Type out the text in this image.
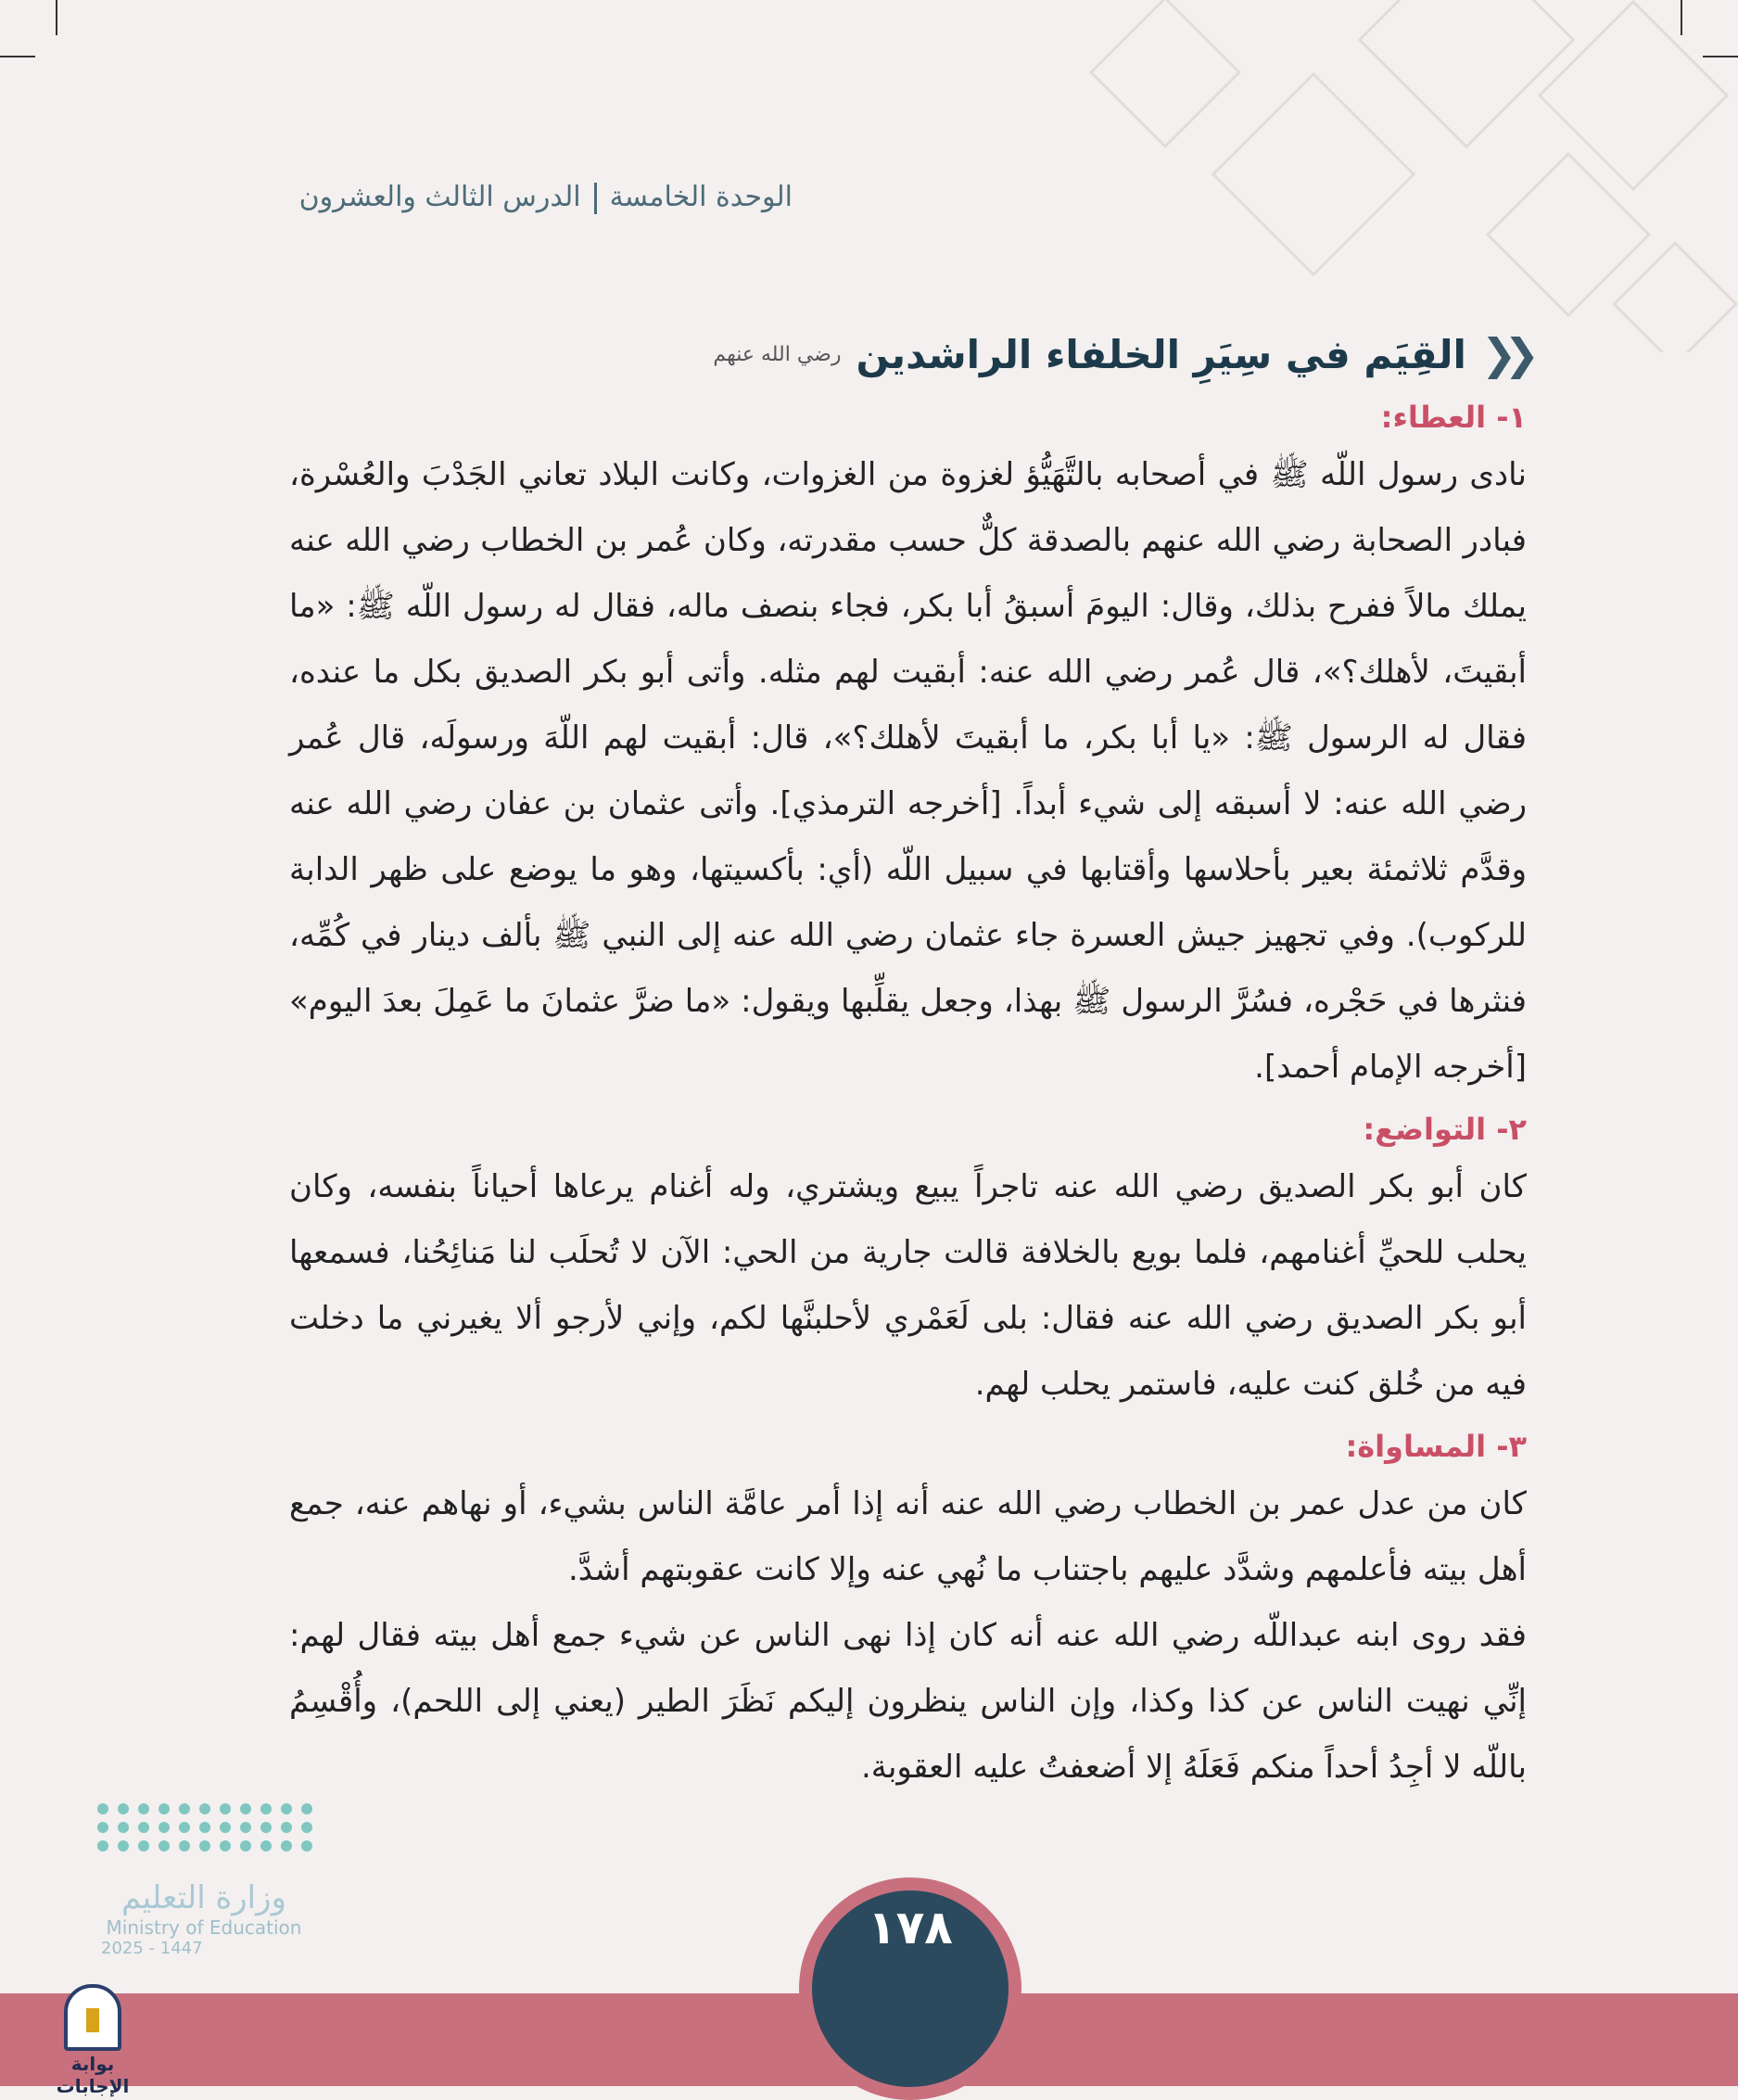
الوحدة الخامسةالدرس الثالث والعشرون
❮❮
القِيَم في سِيَرِ الخلفاء الراشدين
رضي الله عنهم
١- العطاء:

نادى رسول اللّه ﷺ في أصحابه بالتَّهَيُّؤ لغزوة من الغزوات، وكانت البلاد تعاني الجَدْبَ والعُسْرة، فبادر الصحابة رضي الله عنهم بالصدقة كلٌّ حسب مقدرته، وكان عُمر بن الخطاب رضي الله عنه يملك مالاً ففرح بذلك، وقال: اليومَ أسبقُ أبا بكر، فجاء بنصف ماله، فقال له رسول اللّه ﷺ: «ما أبقيتَ، لأهلك؟»، قال عُمر رضي الله عنه: أبقيت لهم مثله. وأتى أبو بكر الصديق بكل ما عنده، فقال له الرسول ﷺ: «يا أبا بكر، ما أبقيتَ لأهلك؟»، قال: أبقيت لهم اللّهَ ورسولَه، قال عُمر رضي الله عنه: لا أسبقه إلى شيء أبداً. [أخرجه الترمذي]. وأتى عثمان بن عفان رضي الله عنه وقدَّم ثلاثمئة بعير بأحلاسها وأقتابها في سبيل اللّه (أي: بأكسيتها، وهو ما يوضع على ظهر الدابة للركوب). وفي تجهيز جيش العسرة جاء عثمان رضي الله عنه إلى النبي ﷺ بألف دينار في كُمِّه، فنثرها في حَجْره، فسُرَّ الرسول ﷺ بهذا، وجعل يقلِّبها ويقول: «ما ضرَّ عثمانَ ما عَمِلَ بعدَ اليوم» [أخرجه الإمام أحمد].

٢- التواضع:

كان أبو بكر الصديق رضي الله عنه تاجراً يبيع ويشتري، وله أغنام يرعاها أحياناً بنفسه، وكان يحلب للحيِّ أغنامهم، فلما بويع بالخلافة قالت جارية من الحي: الآن لا تُحلَب لنا مَنائِحُنا، فسمعها أبو بكر الصديق رضي الله عنه فقال: بلى لَعَمْري لأحلبنَّها لكم، وإني لأرجو ألا يغيرني ما دخلت فيه من خُلق كنت عليه، فاستمر يحلب لهم.

٣- المساواة:

كان من عدل عمر بن الخطاب رضي الله عنه أنه إذا أمر عامَّة الناس بشيء، أو نهاهم عنه، جمع أهل بيته فأعلمهم وشدَّد عليهم باجتناب ما نُهي عنه وإلا كانت عقوبتهم أشدَّ.

فقد روى ابنه عبداللّه رضي الله عنه أنه كان إذا نهى الناس عن شيء جمع أهل بيته فقال لهم: إنِّي نهيت الناس عن كذا وكذا، وإن الناس ينظرون إليكم نَظَرَ الطير (يعني إلى اللحم)، وأُقْسِمُ باللّه لا أجِدُ أحداً منكم فَعَلَهُ إلا أضعفتُ عليه العقوبة.

وزارة التعليم
Ministry of Education
2025 - 1447	١٧٨
بوابة الإجابات
